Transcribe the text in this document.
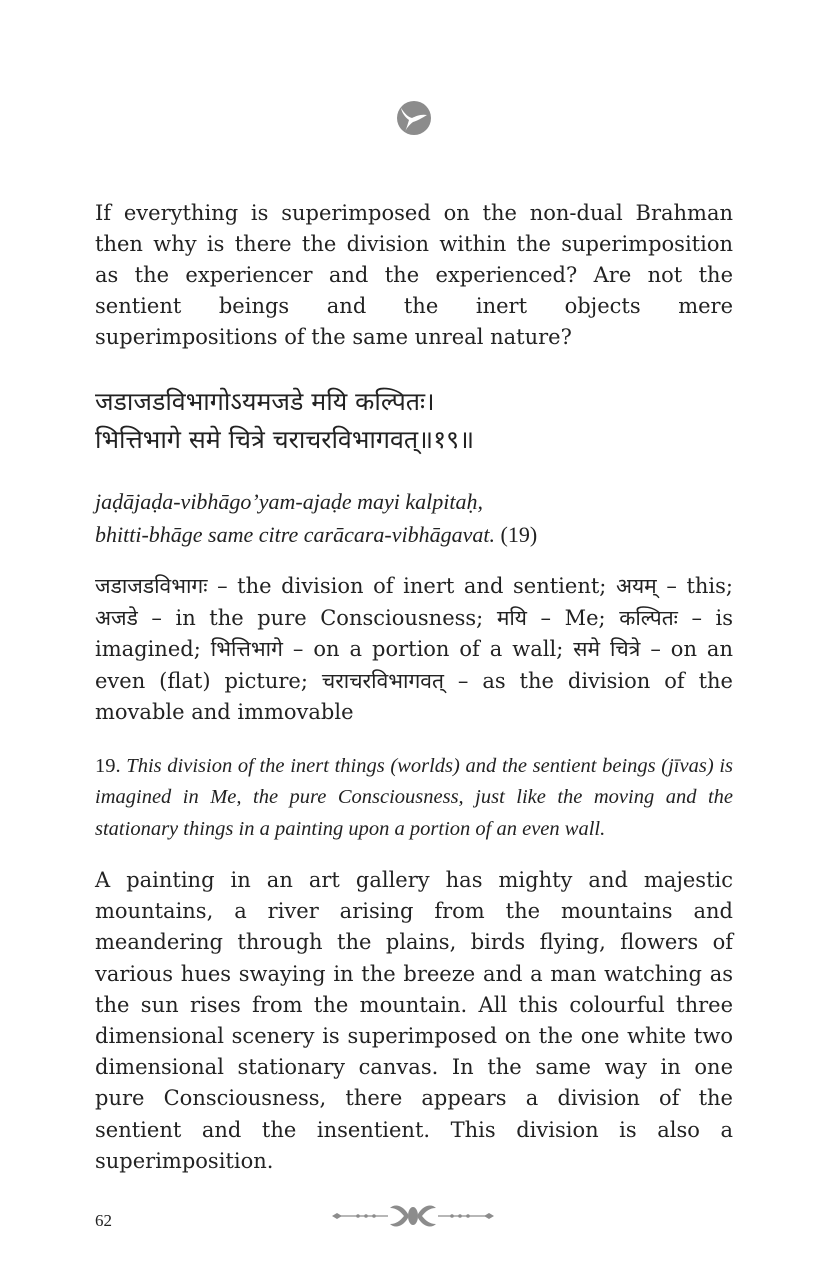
If everything is superimposed on the non-dual Brahman then why is there the division within the superimposition as the experiencer and the experienced? Are not the sentient beings and the inert objects mere superimpositions of the same unreal nature?

जडाजडविभागोऽयमजडे मयि कल्पितः।
भित्तिभागे समे चित्रे चराचरविभागवत्॥१९॥
jaḍājaḍa-vibhāgo’yam-ajaḍe mayi kalpitaḥ,
bhitti-bhāge same citre carācara-vibhāgavat. (19)
जडाजडविभागः – the division of inert and sentient; अयम् – this; अजडे – in the pure Consciousness; मयि – Me; कल्पितः – is imagined; भित्तिभागे – on a portion of a wall; समे चित्रे – on an even (flat) picture; चराचरविभागवत् – as the division of the movable and immovable
19. This division of the inert things (worlds) and the sentient beings (jīvas) is imagined in Me, the pure Consciousness, just like the moving and the stationary things in a painting upon a portion of an even wall.

A painting in an art gallery has mighty and majestic mountains, a river arising from the mountains and meandering through the plains, birds flying, flowers of various hues swaying in the breeze and a man watching as the sun rises from the mountain. All this colourful three dimensional scenery is superimposed on the one white two dimensional stationary canvas. In the same way in one pure Consciousness, there appears a division of the sentient and the insentient. This division is also a superimposition.

62
